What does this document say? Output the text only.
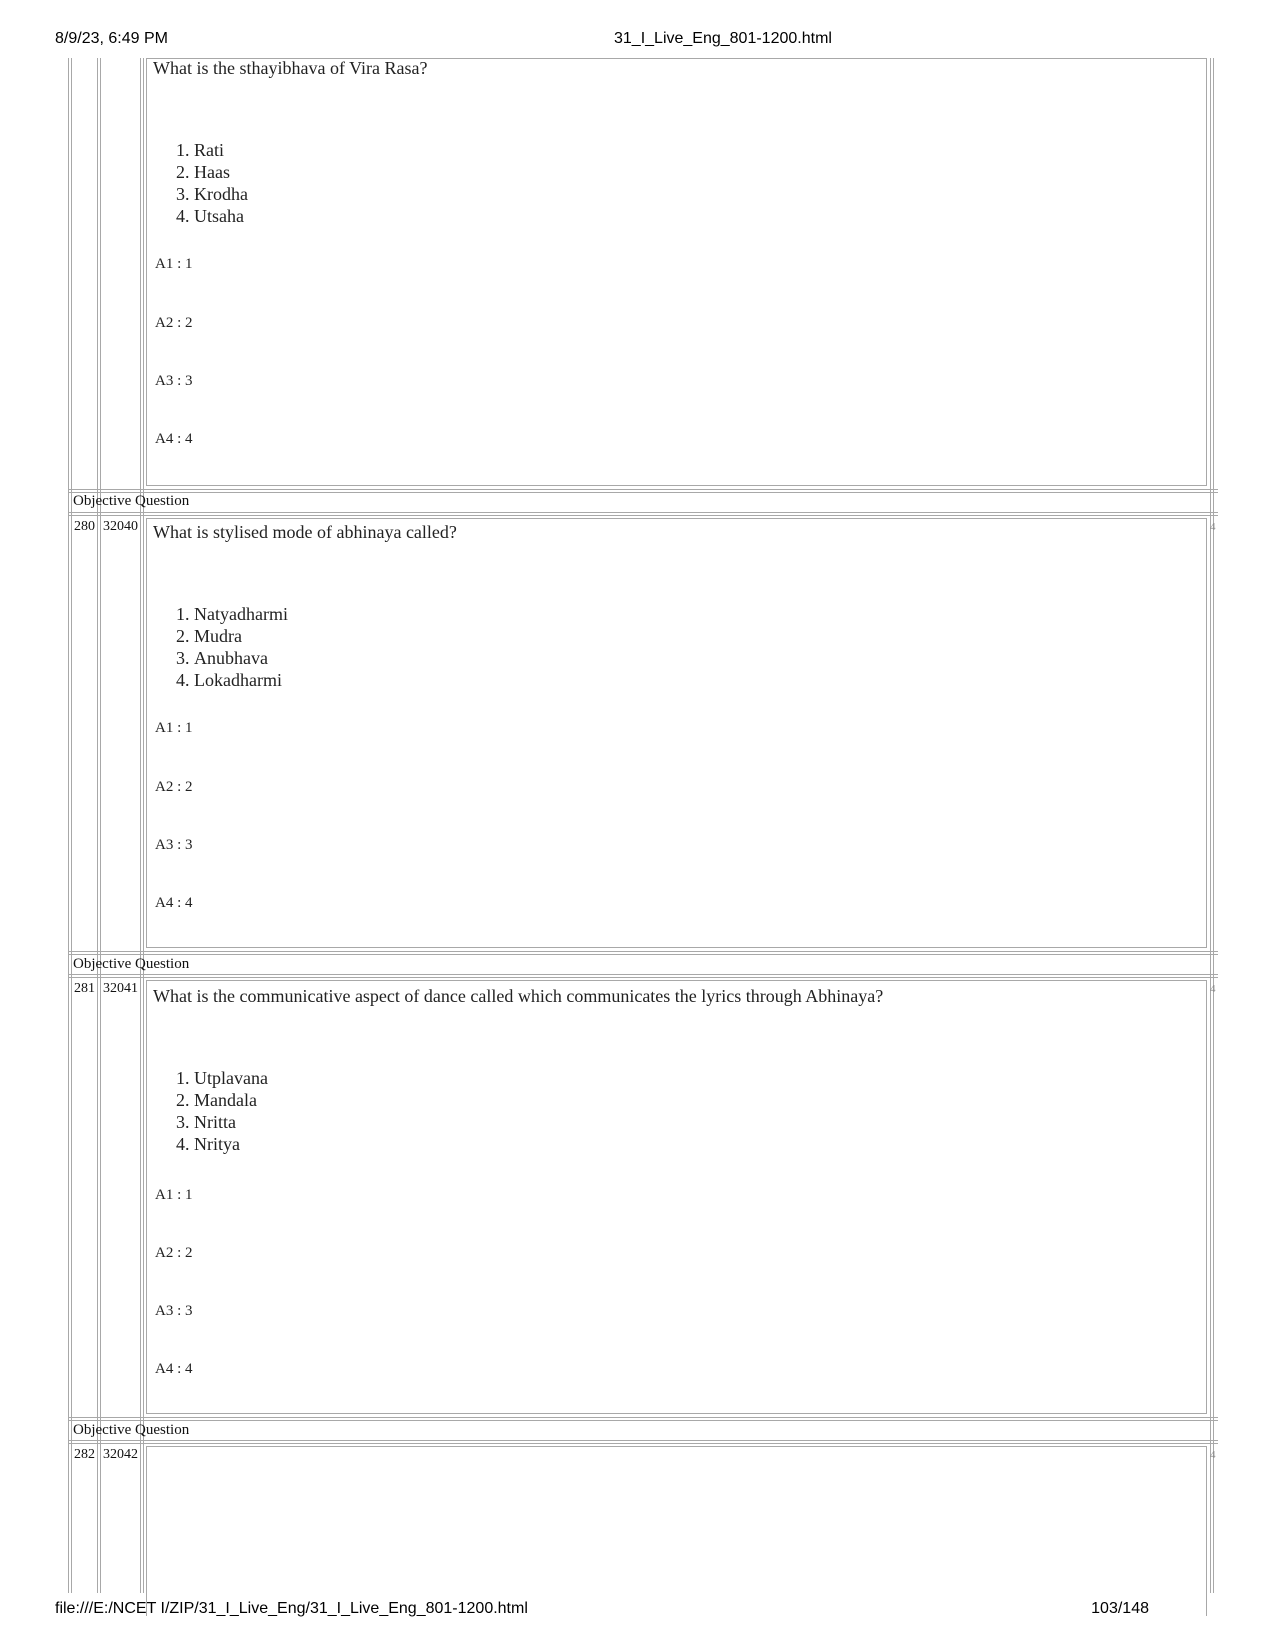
8/9/23, 6:49 PM	31_I_Live_Eng_801-1200.html
What is the sthayibhava of Vira Rasa?
1. Rati
2. Haas
3. Krodha
4. Utsaha
A1 : 1
A2 : 2
A3 : 3
A4 : 4
Objective Question
280 32040	4
What is stylised mode of abhinaya called?
1. Natyadharmi
2. Mudra
3. Anubhava
4. Lokadharmi
A1 : 1
A2 : 2
A3 : 3
A4 : 4
Objective Question
281 32041	4
What is the communicative aspect of dance called which communicates the lyrics through Abhinaya?
1. Utplavana
2. Mandala
3. Nritta
4. Nritya
A1 : 1
A2 : 2
A3 : 3
A4 : 4
Objective Question
282 32042	4
file:///E:/NCET I/ZIP/31_I_Live_Eng/31_I_Live_Eng_801-1200.html	103/148
